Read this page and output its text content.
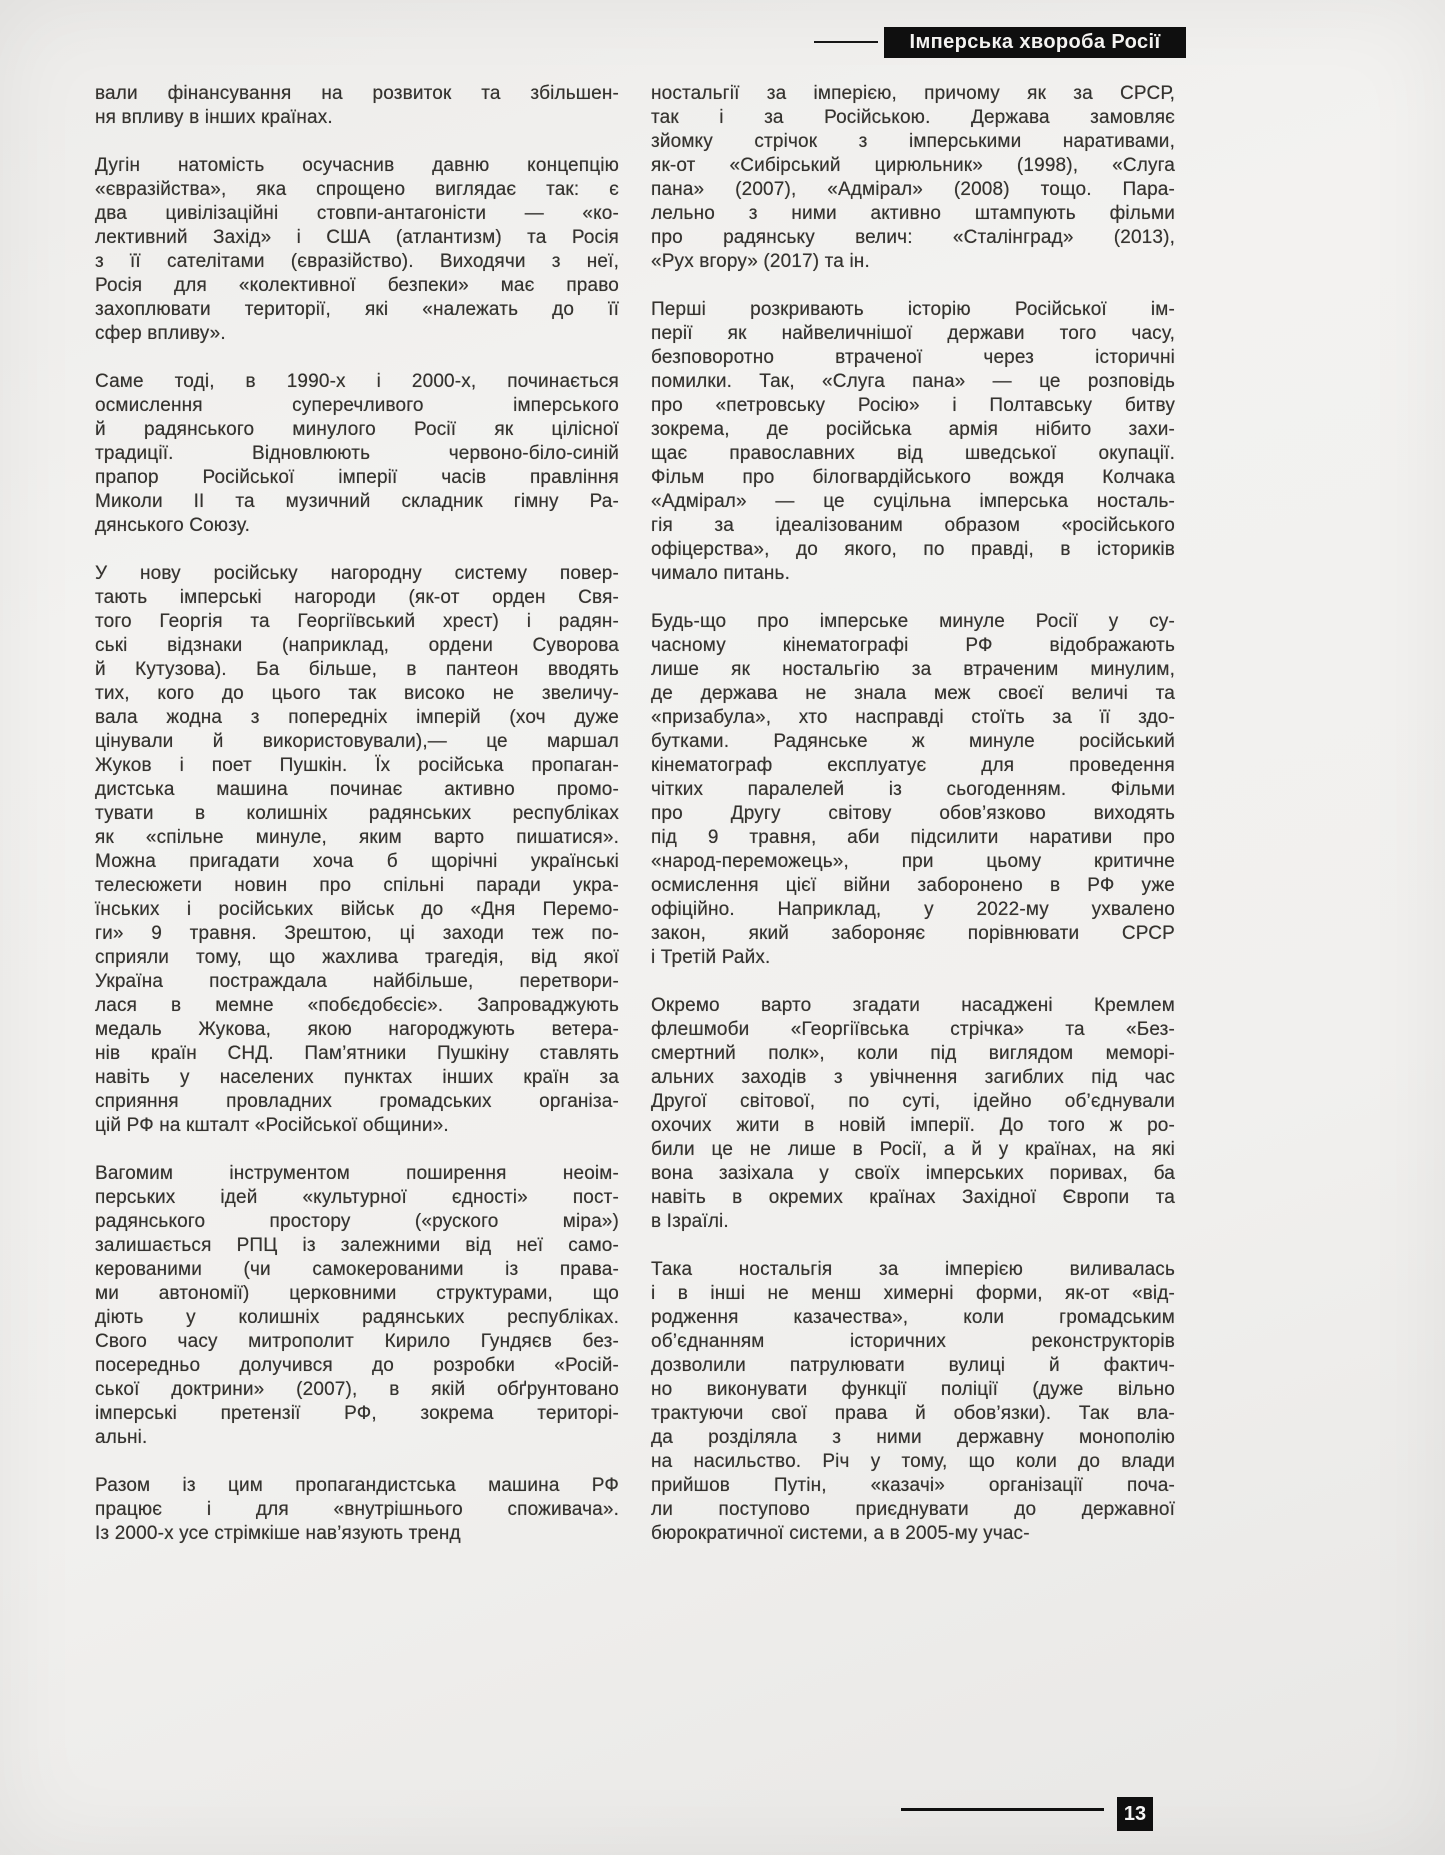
Імперська хвороба Росії

вали фінансування на розвиток та збільшен-
ня впливу в інших країнах.

Дугін натомість осучаснив давню концепцію
«євразійства», яка спрощено виглядає так: є
два цивілізаційні стовпи-антагоністи — «ко-
лективний Захід» і США (атлантизм) та Росія
з її сателітами (євразійство). Виходячи з неї,
Росія для «колективної безпеки» має право
захоплювати території, які «належать до її
сфер впливу».

Саме тоді, в 1990-х і 2000-х, починається
осмислення суперечливого імперського
й радянського минулого Росії як цілісної
традиції. Відновлюють червоно-біло-синій
прапор Російської імперії часів правління
Миколи II та музичний складник гімну Ра-
дянського Союзу.

У нову російську нагородну систему повер-
тають імперські нагороди (як-от орден Свя-
того Георгія та Георгіївський хрест) і радян-
ські відзнаки (наприклад, ордени Суворова
й Кутузова). Ба більше, в пантеон вводять
тих, кого до цього так високо не звеличу-
вала жодна з попередніх імперій (хоч дуже
цінували й використовували),— це маршал
Жуков і поет Пушкін. Їх російська пропаган-
дистська машина починає активно промо-
тувати в колишніх радянських республіках
як «спільне минуле, яким варто пишатися».
Можна пригадати хоча б щорічні українські
телесюжети новин про спільні паради укра-
їнських і російських військ до «Дня Перемо-
ги» 9 травня. Зрештою, ці заходи теж по-
сприяли тому, що жахлива трагедія, від якої
Україна постраждала найбільше, перетвори-
лася в мемне «побєдобєсіє». Запроваджують
медаль Жукова, якою нагороджують ветера-
нів країн СНД. Пам’ятники Пушкіну ставлять
навіть у населених пунктах інших країн за
сприяння провладних громадських організа-
цій РФ на кшталт «Російської общини».

Вагомим інструментом поширення неоім-
перських ідей «культурної єдності» пост-
радянського простору («руского міра»)
залишається РПЦ із залежними від неї само-
керованими (чи самокерованими із права-
ми автономії) церковними структурами, що
діють у колишніх радянських республіках.
Свого часу митрополит Кирило Гундяєв без-
посередньо долучився до розробки «Росій-
ської доктрини» (2007), в якій обґрунтовано
імперські претензії РФ, зокрема територі-
альні.

Разом із цим пропагандистська машина РФ
працює і для «внутрішнього споживача».
Із 2000-х усе стрімкіше нав’язують тренд

ностальгії за імперією, причому як за СРСР,
так і за Російською. Держава замовляє
зйомку стрічок з імперськими наративами,
як-от «Сибірський цирюльник» (1998), «Слуга
пана» (2007), «Адмірал» (2008) тощо. Пара-
лельно з ними активно штампують фільми
про радянську велич: «Сталінград» (2013),
«Рух вгору» (2017) та ін.

Перші розкривають історію Російської ім-
перії як найвеличнішої держави того часу,
безповоротно втраченої через історичні
помилки. Так, «Слуга пана» — це розповідь
про «петровську Росію» і Полтавську битву
зокрема, де російська армія нібито захи-
щає православних від шведської окупації.
Фільм про білогвардійського вождя Колчака
«Адмірал» — це суцільна імперська носталь-
гія за ідеалізованим образом «російського
офіцерства», до якого, по правді, в істориків
чимало питань.

Будь-що про імперське минуле Росії у су-
часному кінематографі РФ відображають
лише як ностальгію за втраченим минулим,
де держава не знала меж своєї величі та
«призабула», хто насправді стоїть за її здо-
бутками. Радянське ж минуле російський
кінематограф експлуатує для проведення
чітких паралелей із сьогоденням. Фільми
про Другу світову обов’язково виходять
під 9 травня, аби підсилити наративи про
«народ-переможець», при цьому критичне
осмислення цієї війни заборонено в РФ уже
офіційно. Наприклад, у 2022-му ухвалено
закон, який забороняє порівнювати СРСР
і Третій Райх.

Окремо варто згадати насаджені Кремлем
флешмоби «Георгіївська стрічка» та «Без-
смертний полк», коли під виглядом меморі-
альних заходів з увічнення загиблих під час
Другої світової, по суті, ідейно об’єднували
охочих жити в новій імперії. До того ж ро-
били це не лише в Росії, а й у країнах, на які
вона зазіхала у своїх імперських поривах, ба
навіть в окремих країнах Західної Європи та
в Ізраїлі.

Така ностальгія за імперією виливалась
і в інші не менш химерні форми, як-от «від-
родження казачества», коли громадським
об’єднанням історичних реконструкторів
дозволили патрулювати вулиці й фактич-
но виконувати функції поліції (дуже вільно
трактуючи свої права й обов’язки). Так вла-
да розділяла з ними державну монополію
на насильство. Річ у тому, що коли до влади
прийшов Путін, «казачі» організації поча-
ли поступово приєднувати до державної
бюрократичної системи, а в 2005-му учас-

13
